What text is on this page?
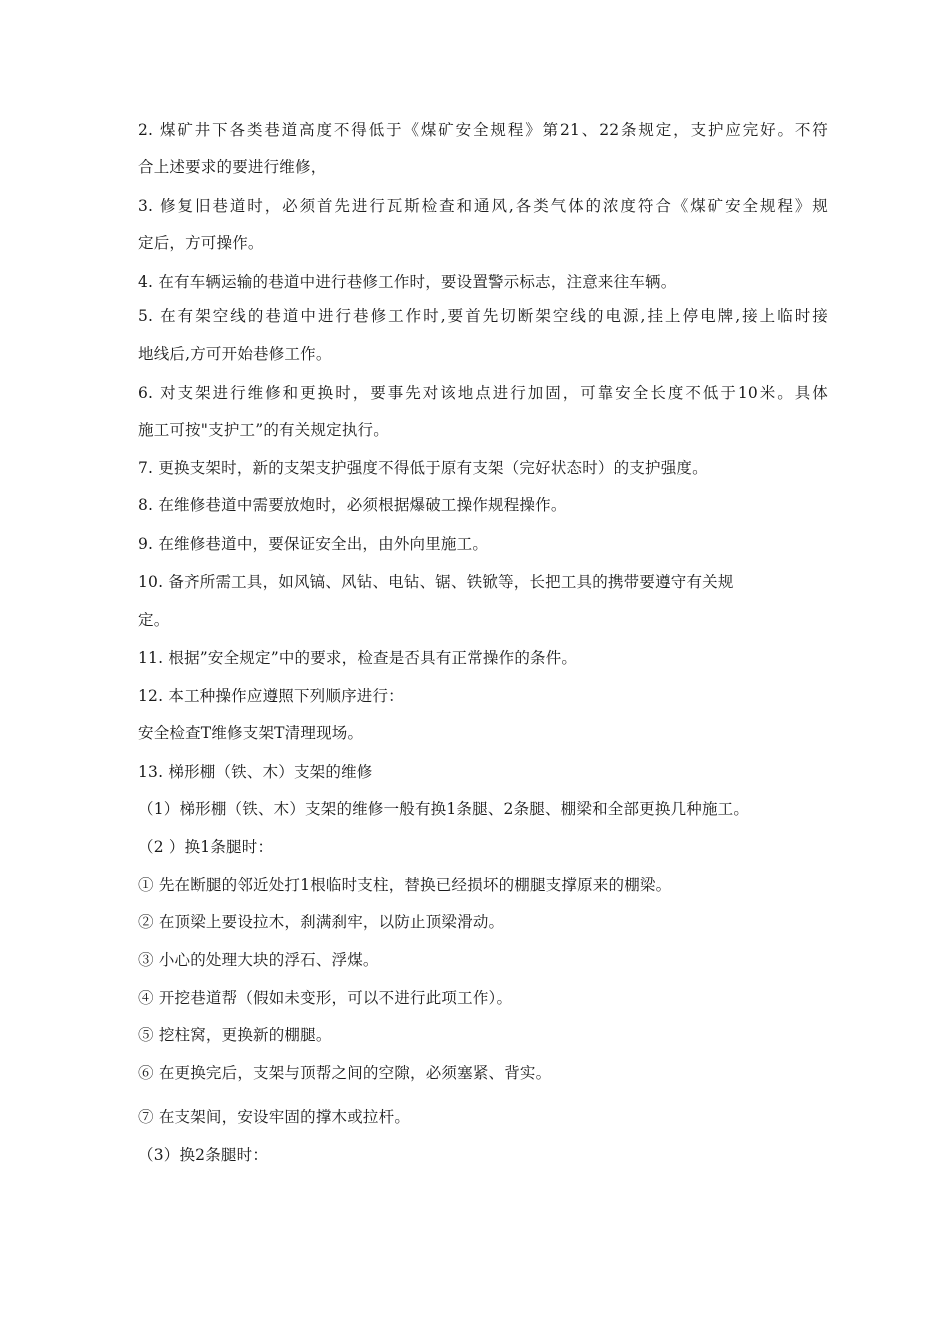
2. 煤矿井下各类巷道高度不得低于《煤矿安全规程》第21、22条规定，支护应完好。不符
合上述要求的要进行维修，
3. 修复旧巷道时，必须首先进行瓦斯检查和通风,各类气体的浓度符合《煤矿安全规程》规
定后，方可操作。
4. 在有车辆运输的巷道中进行巷修工作时，要设置警示标志，注意来往车辆。
5. 在有架空线的巷道中进行巷修工作时,要首先切断架空线的电源,挂上停电牌,接上临时接
地线后,方可开始巷修工作。
6. 对支架进行维修和更换时，要事先对该地点进行加固，可靠安全长度不低于10米。具体
施工可按"支护工”的有关规定执行。
7. 更换支架时，新的支架支护强度不得低于原有支架（完好状态时）的支护强度。
8. 在维修巷道中需要放炮时，必须根据爆破工操作规程操作。
9. 在维修巷道中，要保证安全出，由外向里施工。
10. 备齐所需工具，如风镐、风钻、电钻、锯、铁锨等，长把工具的携带要遵守有关规
定。
11. 根据”安全规定”中的要求，检查是否具有正常操作的条件。
12. 本工种操作应遵照下列顺序进行：
安全检查T维修支架T清理现场。
13. 梯形棚（铁、木）支架的维修
（1）梯形棚（铁、木）支架的维修一般有换1条腿、2条腿、棚梁和全部更换几种施工。
（2 ）换1条腿时：
① 先在断腿的邻近处打1根临时支柱，替换已经损坏的棚腿支撑原来的棚梁。
② 在顶梁上要设拉木，刹满刹牢，以防止顶梁滑动。
③ 小心的处理大块的浮石、浮煤。
④ 开挖巷道帮（假如未变形，可以不进行此项工作）。
⑤ 挖柱窝，更换新的棚腿。
⑥ 在更换完后，支架与顶帮之间的空隙，必须塞紧、背实。
⑦ 在支架间，安设牢固的撑木或拉杆。
（3）换2条腿时：
